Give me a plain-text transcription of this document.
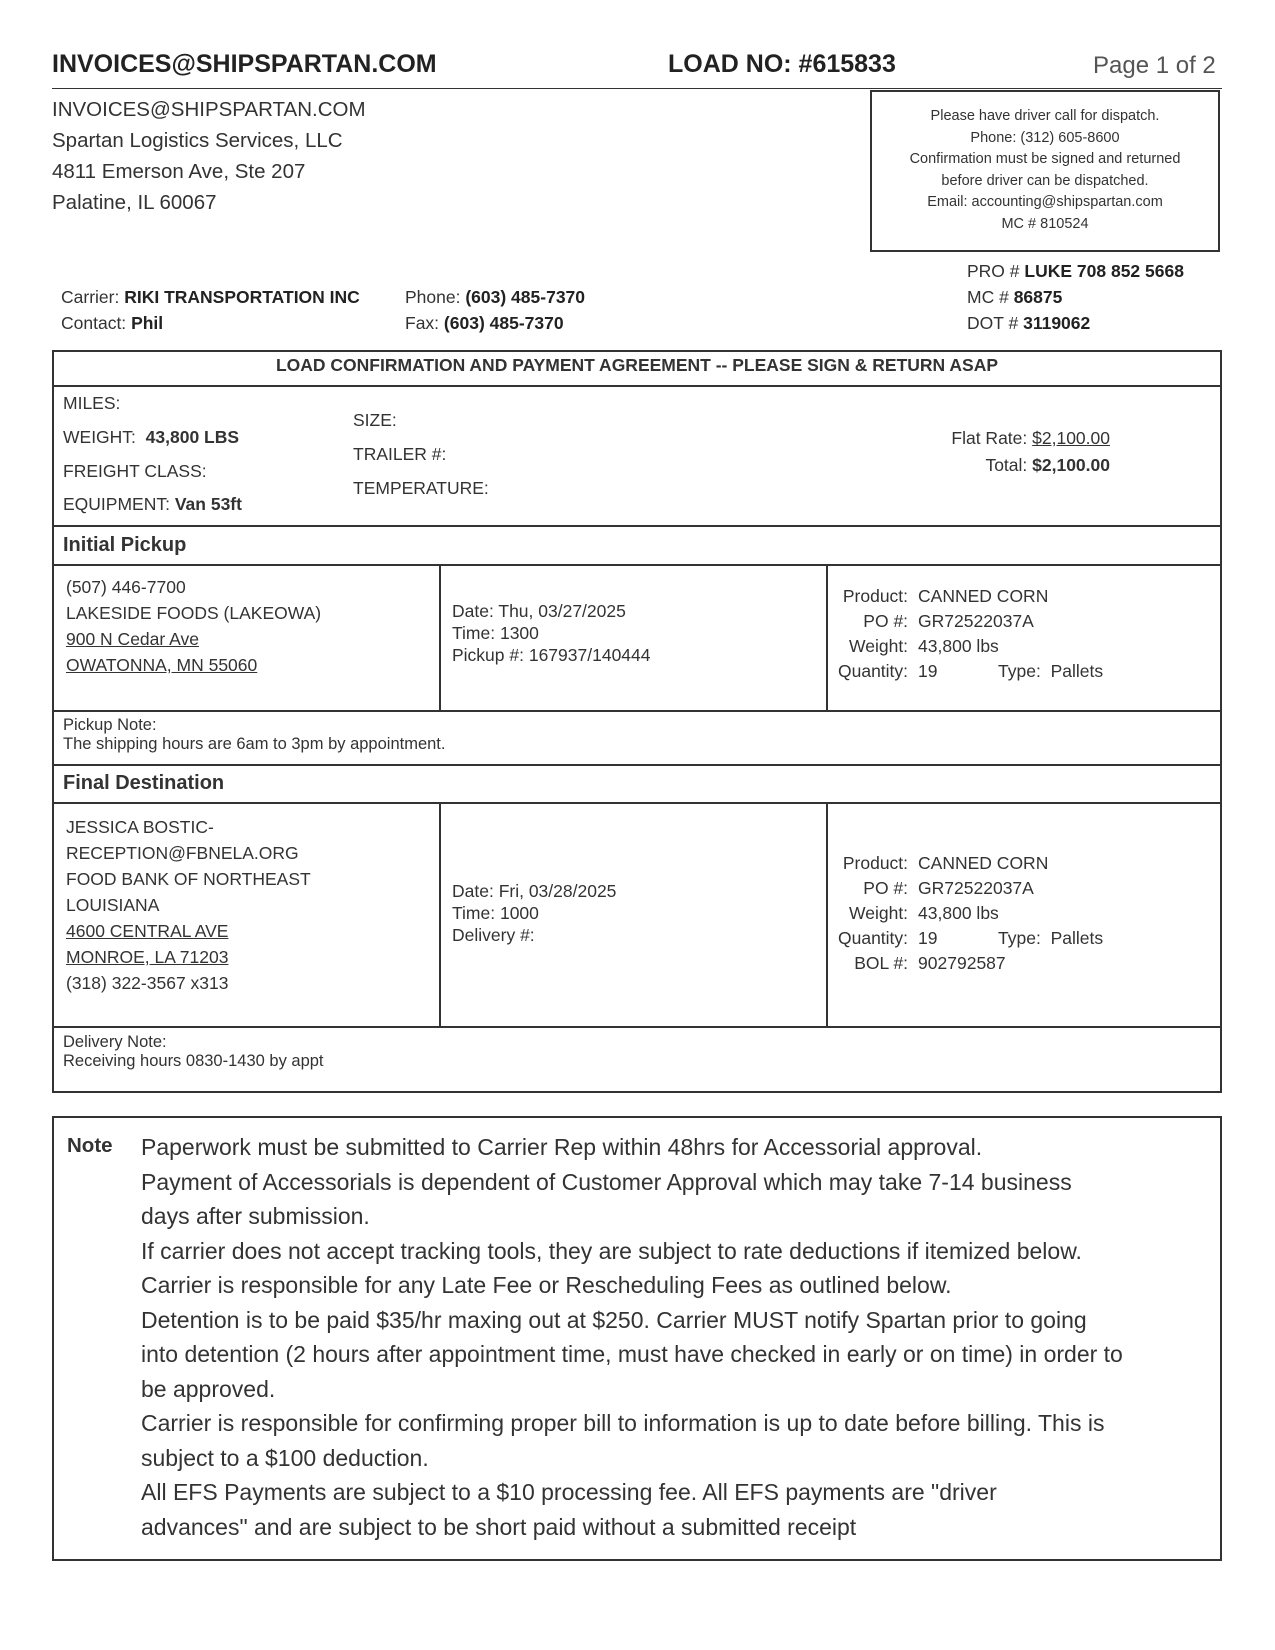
INVOICES@SHIPSPARTAN.COM	LOAD NO: #615833	Page 1 of 2
INVOICES@SHIPSPARTAN.COM
Spartan Logistics Services, LLC
4811 Emerson Ave, Ste 207
Palatine, IL 60067
Please have driver call for dispatch.
Phone: (312) 605-8600
Confirmation must be signed and returned
before driver can be dispatched.
Email: accounting@shipspartan.com
MC # 810524
PRO # LUKE 708 852 5668
Carrier: RIKI TRANSPORTATION INC	Phone: (603) 485-7370	MC # 86875
Contact: Phil	Fax: (603) 485-7370	DOT # 3119062
LOAD CONFIRMATION AND PAYMENT AGREEMENT -- PLEASE SIGN & RETURN ASAP
MILES:
WEIGHT: 43,800 LBS
FREIGHT CLASS:
EQUIPMENT: Van 53ft
SIZE:
TRAILER #:
TEMPERATURE:
Flat Rate: $2,100.00
Total: $2,100.00
Initial Pickup
(507) 446-7700
LAKESIDE FOODS (LAKEOWA)
900 N Cedar Ave
OWATONNA, MN 55060
Date: Thu, 03/27/2025
Time: 1300
Pickup #: 167937/140444
Product: CANNED CORN
PO #: GR72522037A
Weight: 43,800 lbs
Quantity: 19	Type: Pallets
Pickup Note:
The shipping hours are 6am to 3pm by appointment.
Final Destination
JESSICA BOSTIC-
RECEPTION@FBNELA.ORG
FOOD BANK OF NORTHEAST
LOUISIANA
4600 CENTRAL AVE
MONROE, LA 71203
(318) 322-3567 x313
Date: Fri, 03/28/2025
Time: 1000
Delivery #:
Product: CANNED CORN
PO #: GR72522037A
Weight: 43,800 lbs
Quantity: 19	Type: Pallets
BOL #: 902792587
Delivery Note:
Receiving hours 0830-1430 by appt
Note Paperwork must be submitted to Carrier Rep within 48hrs for Accessorial approval.
Payment of Accessorials is dependent of Customer Approval which may take 7-14 business
days after submission.
If carrier does not accept tracking tools, they are subject to rate deductions if itemized below.
Carrier is responsible for any Late Fee or Rescheduling Fees as outlined below.
Detention is to be paid $35/hr maxing out at $250. Carrier MUST notify Spartan prior to going
into detention (2 hours after appointment time, must have checked in early or on time) in order to
be approved.
Carrier is responsible for confirming proper bill to information is up to date before billing. This is
subject to a $100 deduction.
All EFS Payments are subject to a $10 processing fee. All EFS payments are "driver
advances" and are subject to be short paid without a submitted receipt
